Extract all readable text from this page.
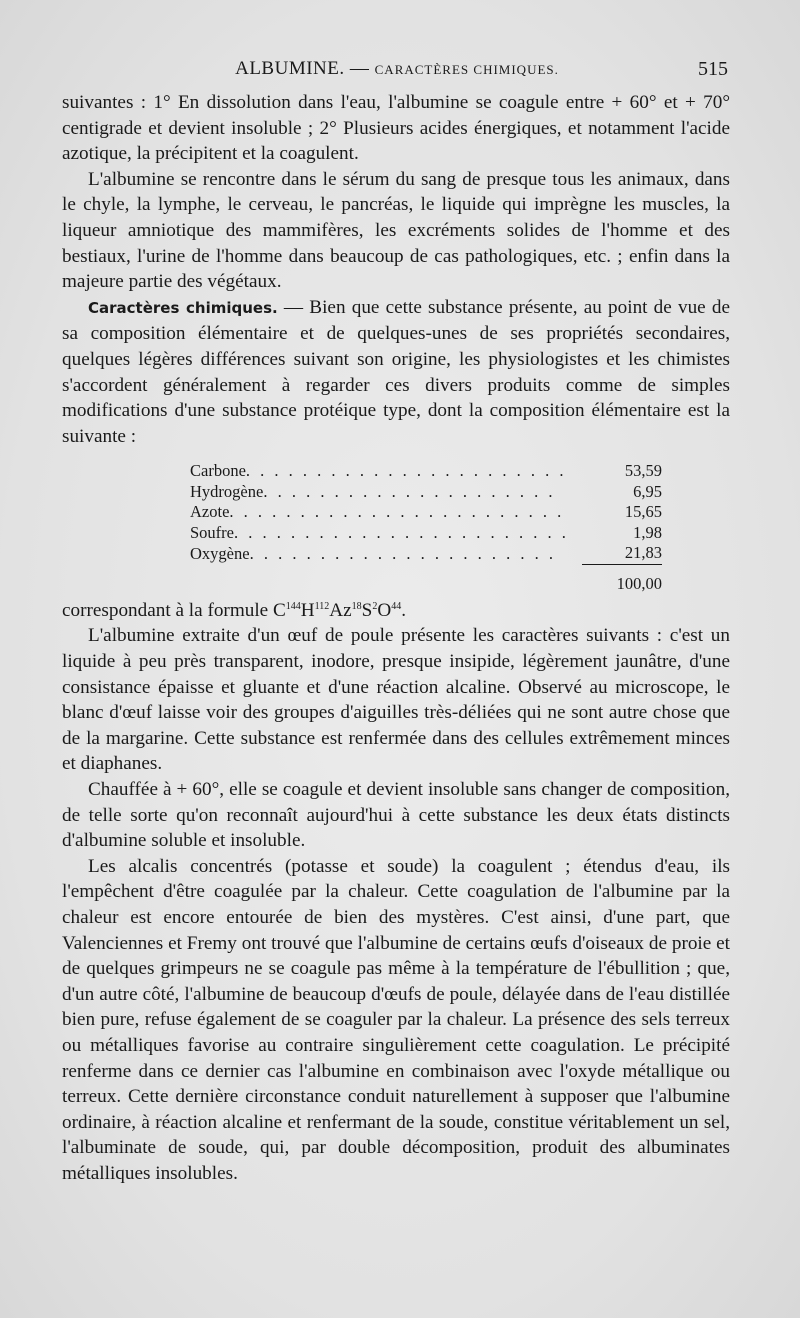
ALBUMINE. — CARACTÈRES CHIMIQUES.	515

suivantes : 1° En dissolution dans l'eau, l'albumine se coagule entre + 60° et + 70° centigrade et devient insoluble ; 2° Plusieurs acides énergiques, et notamment l'acide azotique, la précipitent et la coagulent.

L'albumine se rencontre dans le sérum du sang de presque tous les animaux, dans le chyle, la lymphe, le cerveau, le pancréas, le liquide qui imprègne les muscles, la liqueur amniotique des mammifères, les excréments solides de l'homme et des bestiaux, l'urine de l'homme dans beaucoup de cas pathologiques, etc. ; enfin dans la majeure partie des végétaux.

Caractères chimiques. — Bien que cette substance présente, au point de vue de sa composition élémentaire et de quelques-unes de ses propriétés secondaires, quelques légères différences suivant son origine, les physiologistes et les chimistes s'accordent généralement à regarder ces divers produits comme de simples modifications d'une substance protéique type, dont la composition élémentaire est la suivante :

Carbone. . . . . . . . . . . . . . . . . . . . . . .	53,59
Hydrogène. . . . . . . . . . . . . . . . . . . . .	6,95
Azote. . . . . . . . . . . . . . . . . . . . . . . .	15,65
Soufre. . . . . . . . . . . . . . . . . . . . . . . .	1,98
Oxygène. . . . . . . . . . . . . . . . . . . . . .	21,83
	100,00

correspondant à la formule $C^{144}H^{112}Az^{18}S^2O^{44}$.

L'albumine extraite d'un œuf de poule présente les caractères suivants : c'est un liquide à peu près transparent, inodore, presque insipide, légèrement jaunâtre, d'une consistance épaisse et gluante et d'une réaction alcaline. Observé au microscope, le blanc d'œuf laisse voir des groupes d'aiguilles très-déliées qui ne sont autre chose que de la margarine. Cette substance est renfermée dans des cellules extrêmement minces et diaphanes.

Chauffée à + 60°, elle se coagule et devient insoluble sans changer de composition, de telle sorte qu'on reconnaît aujourd'hui à cette substance les deux états distincts d'albumine soluble et insoluble.

Les alcalis concentrés (potasse et soude) la coagulent ; étendus d'eau, ils l'empêchent d'être coagulée par la chaleur. Cette coagulation de l'albumine par la chaleur est encore entourée de bien des mystères. C'est ainsi, d'une part, que Valenciennes et Fremy ont trouvé que l'albumine de certains œufs d'oiseaux de proie et de quelques grimpeurs ne se coagule pas même à la température de l'ébullition ; que, d'un autre côté, l'albumine de beaucoup d'œufs de poule, délayée dans de l'eau distillée bien pure, refuse également de se coaguler par la chaleur. La présence des sels terreux ou métalliques favorise au contraire singulièrement cette coagulation. Le précipité renferme dans ce dernier cas l'albumine en combinaison avec l'oxyde métallique ou terreux. Cette dernière circonstance conduit naturellement à supposer que l'albumine ordinaire, à réaction alcaline et renfermant de la soude, constitue véritablement un sel, l'albuminate de soude, qui, par double décomposition, produit des albuminates métalliques insolubles.
